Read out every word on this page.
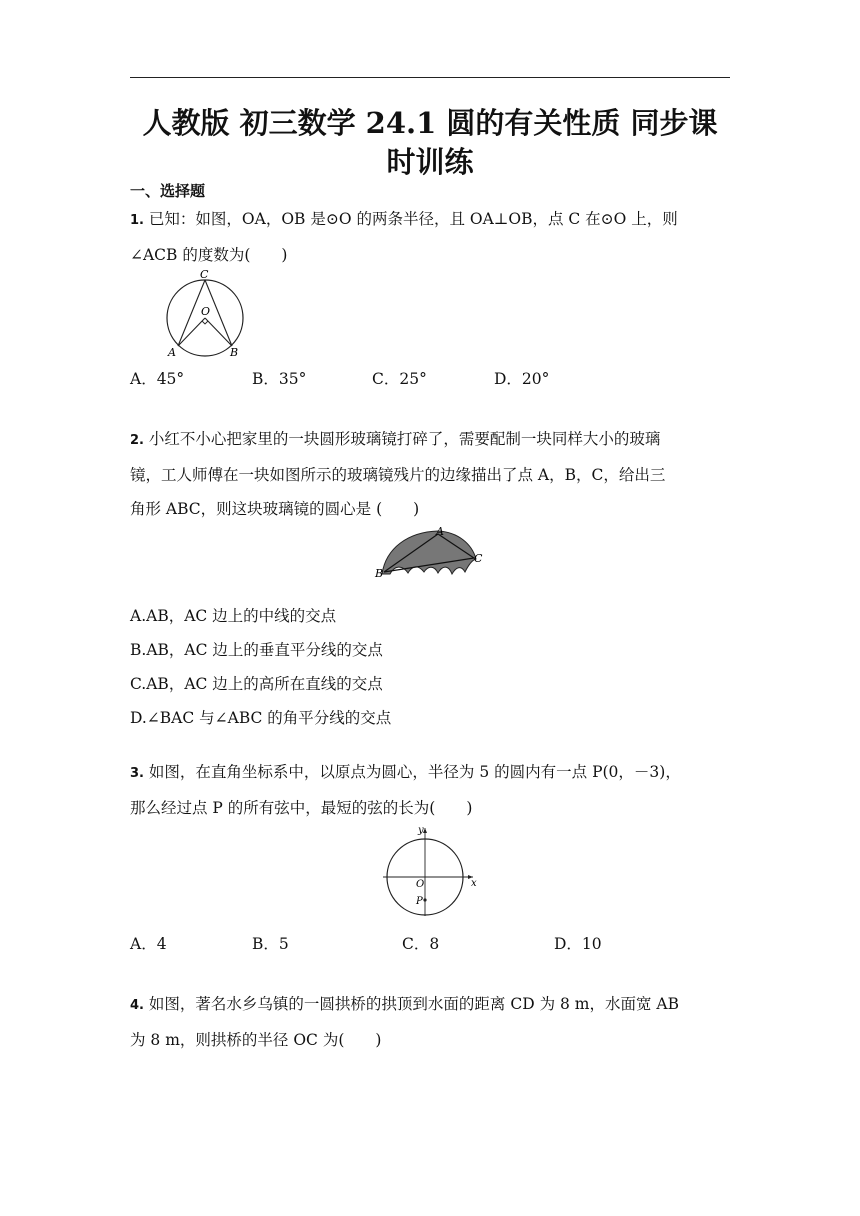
人教版 初三数学 24.1 圆的有关性质 同步课
时训练
一、选择题
1. 已知：如图，OA，OB 是⊙O 的两条半径，且 OA⊥OB，点 C 在⊙O 上，则
∠ACB 的度数为(　　)
C
O
A	B
A．45°	B．35°	C．25°	D．20°
2. 小红不小心把家里的一块圆形玻璃镜打碎了，需要配制一块同样大小的玻璃
镜，工人师傅在一块如图所示的玻璃镜残片的边缘描出了点 A，B，C，给出三
角形 ABC，则这块玻璃镜的圆心是 (　　)
A
B
C
A.AB，AC 边上的中线的交点
B.AB，AC 边上的垂直平分线的交点
C.AB，AC 边上的高所在直线的交点
D.∠BAC 与∠ABC 的角平分线的交点
3. 如图，在直角坐标系中，以原点为圆心，半径为 5 的圆内有一点 P(0，－3)，
那么经过点 P 的所有弦中，最短的弦的长为(　　)
y
x
O
P
A．4	B．5	C．8	D．10
4. 如图，著名水乡乌镇的一圆拱桥的拱顶到水面的距离 CD 为 8 m，水面宽 AB
为 8 m，则拱桥的半径 OC 为(　　)
